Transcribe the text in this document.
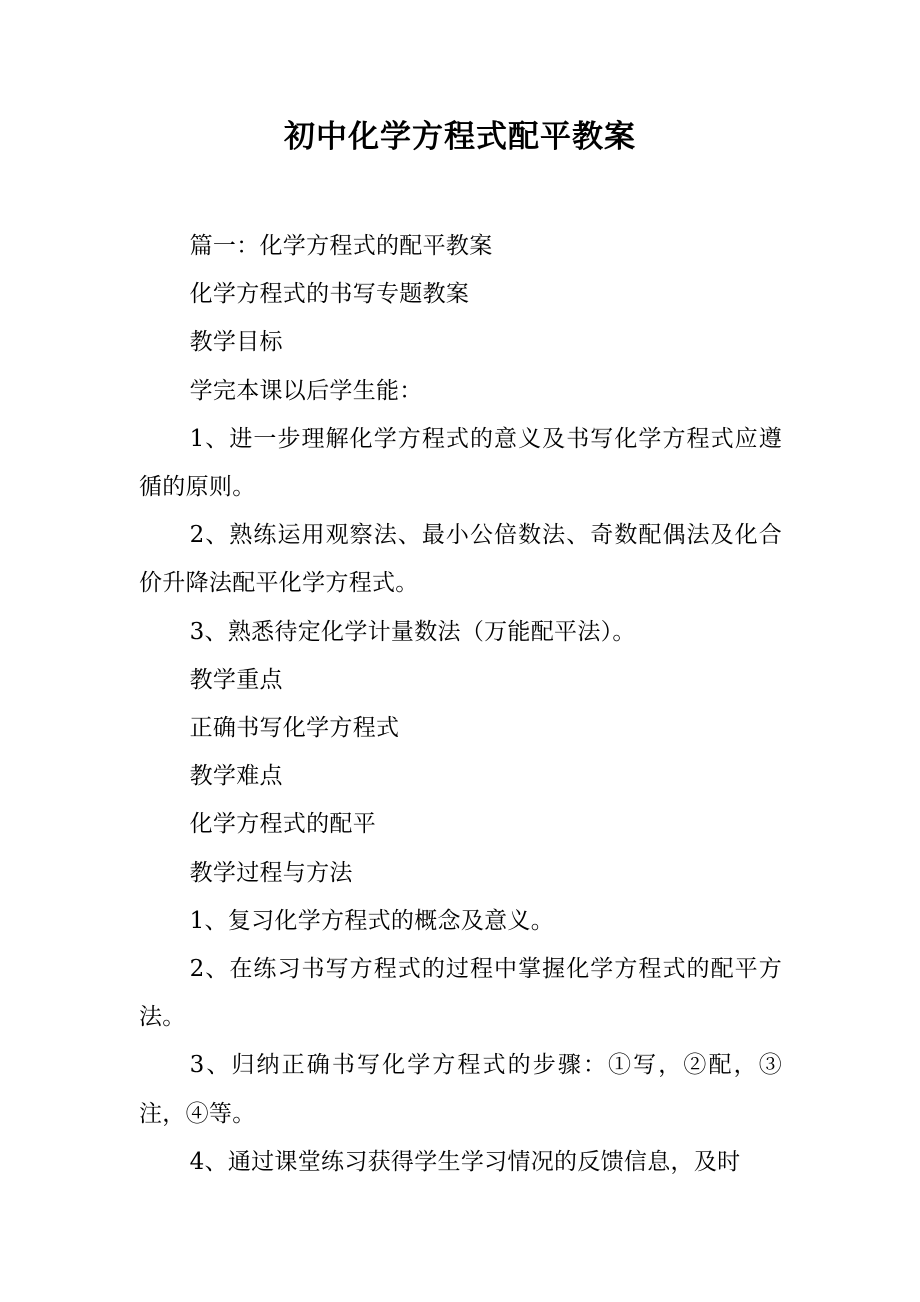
初中化学方程式配平教案

篇一：化学方程式的配平教案

化学方程式的书写专题教案

教学目标

学完本课以后学生能：

1、进一步理解化学方程式的意义及书写化学方程式应遵循的原则。

2、熟练运用观察法、最小公倍数法、奇数配偶法及化合价升降法配平化学方程式。

3、熟悉待定化学计量数法（万能配平法）。

教学重点

正确书写化学方程式

教学难点

化学方程式的配平

教学过程与方法

1、复习化学方程式的概念及意义。

2、在练习书写方程式的过程中掌握化学方程式的配平方法。

3、归纳正确书写化学方程式的步骤：①写，②配，③注，④等。

4、通过课堂练习获得学生学习情况的反馈信息，及时
